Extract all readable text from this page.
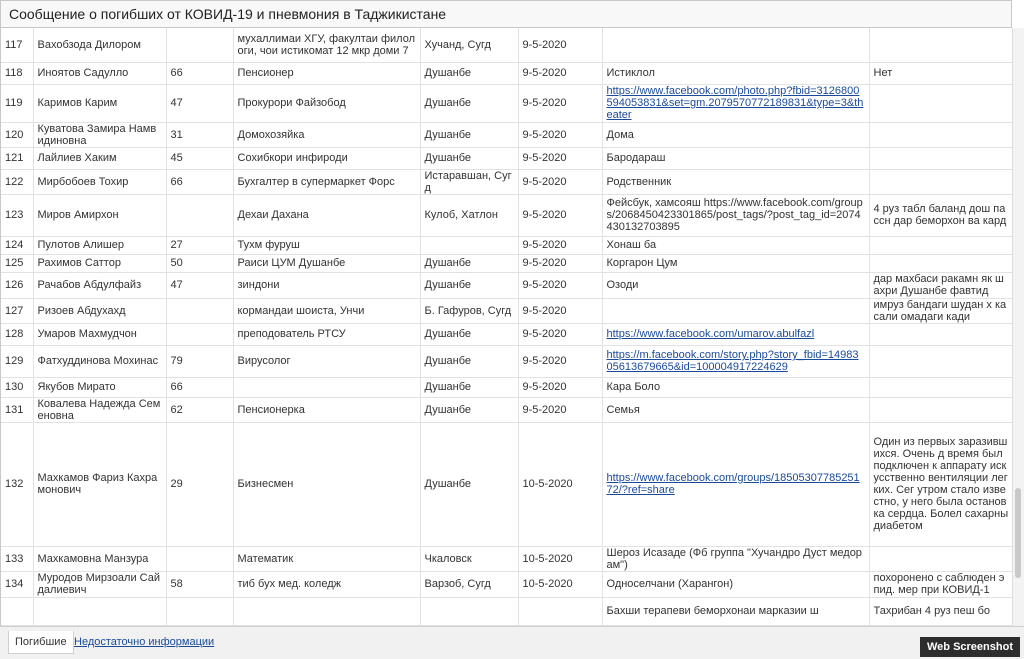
Сообщение о погибших от КОВИД-19 и пневмония в Таджикистане
117	Вахобзода Дилором		мухаллимаи ХГУ, факултаи филологи, чои истикомат 12 мкр доми 7	Хучанд, Сугд	9-5-2020		
118	Иноятов Садуллo	66	Пенсионер	Душанбе	9-5-2020	Истиклол	Нет
119	Каримов Карим	47	Прокурори Файзобод	Душанбе	9-5-2020	https://www.facebook.com/photo.php?fbid=3126800594053831&set=gm.2079570772189831&type=3&theater	
120	Куватова Замира Намвидиновна	31	Домохозяйка	Душанбе	9-5-2020	Дома	
121	Лайлиев Хаким	45	Сохибкори инфироди	Душанбе	9-5-2020	Бародараш	
122	Мирбобоев Тохир	66	Бухгалтер в супермаркет Форс	Истаравшан, Сугд	9-5-2020	Родственник	
123	Миров Амирхон		Дехаи Дахана	Кулоб, Хатлон	9-5-2020	Фейсбук, хамсояш https://www.facebook.com/groups/2068450423301865/post_tags/?post_tag_id=2074430132703895	4 руз табл баланд дош пассн дар беморхон ва кард
124	Пулотов Алишер	27	Тухм фуруш		9-5-2020	Хонаш ба	
125	Рахимов Саттор	50	Раиси ЦУМ Душанбе	Душанбе	9-5-2020	Коргарон Цум	
126	Рачабов Абдулфайз	47	зиндони	Душанбе	9-5-2020	Озоди	дар махбаси ракамн як шахри Душанбе фавтид
127	Ризоев Абдухахд		кормандаи шоиста, Унчи	Б. Гафуров, Сугд	9-5-2020		имруз бандаги шудан х касали омадаги кади
128	Умаров Махмудчон		преподователь РТСУ	Душанбе	9-5-2020	https://www.facebook.com/umarov.abulfazl	
129	Фатхуддинова Мохинаc	79	Вирусолог	Душанбе	9-5-2020	https://m.facebook.com/story.php?story_fbid=1498305613679665&id=100004917224629	
130	Якубов Мирато	66		Душанбе	9-5-2020	Кара Боло	
131	Ковалева Надежда Семеновна	62	Пенсионерка	Душанбе	9-5-2020	Семья	
132	Махкамов Фариз Кахрамонович	29	Бизнесмен	Душанбе	10-5-2020	https://www.facebook.com/groups/1850530778525172/?ref=share	Один из первых заразившихся. Очень д время был подключен к аппарату искусственно вентиляции легких. Сег утром стало известно, у него была остановка сердца. Болел сахарны диабетом
133	Махкамовна Манзура		Математик	Чкаловск	10-5-2020	Шероз Исазаде (Фб группа "Хучандро Дуст медорам")	
134	Муродов Мирзоали Сайдалиевич	58	тиб бух мед. коледж	Варзоб, Сугд	10-5-2020	Односелчани (Харангон)	похоронено с саблюден эпид. мер при КОВИД-1
						Бахши терапеви беморхонаи марказии ш	Таxрибан 4 руз пеш бо
Погибшие Недостаточно информации	Web Screenshot
